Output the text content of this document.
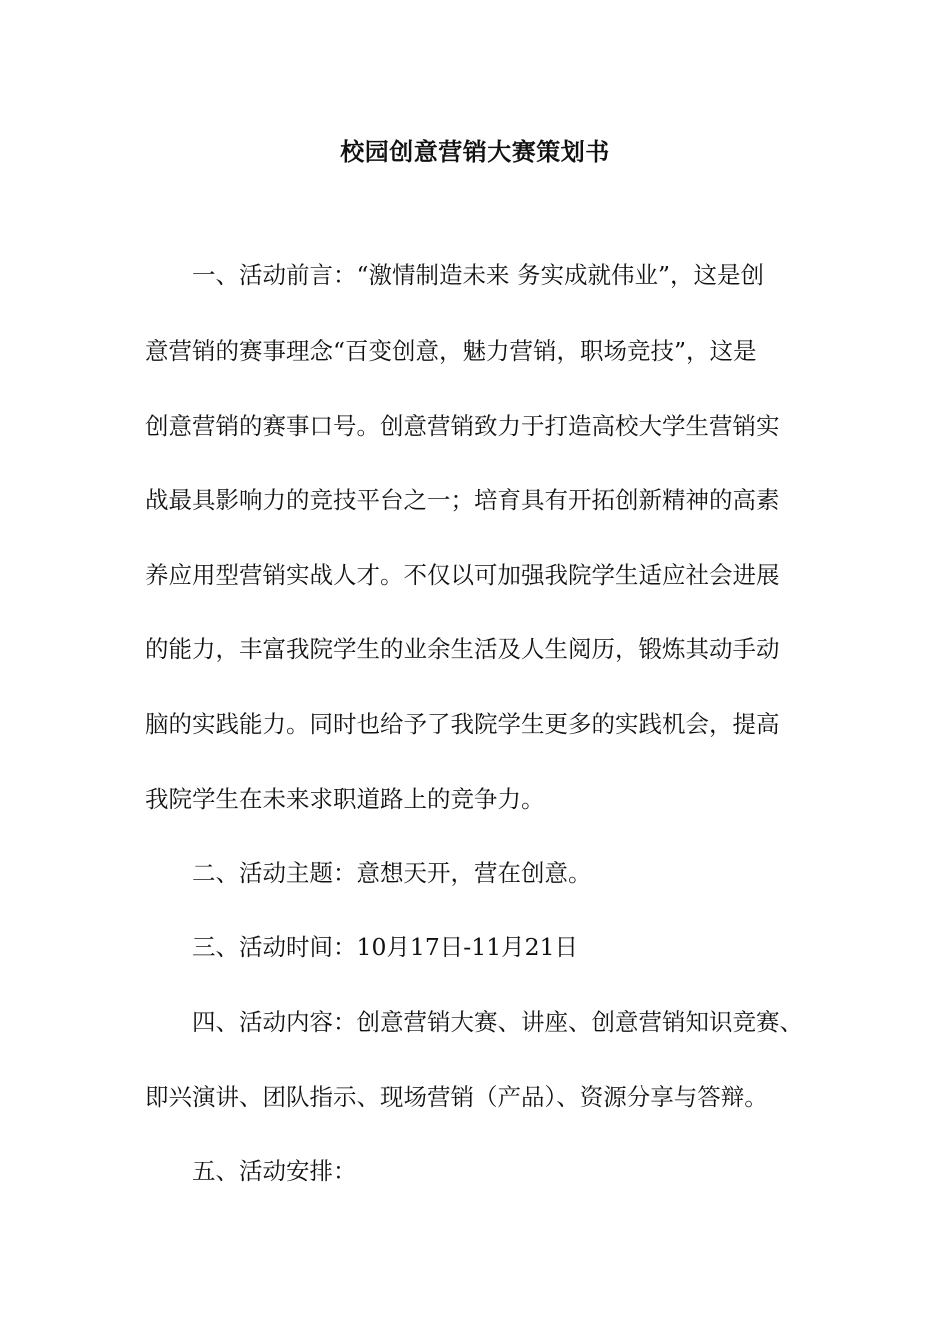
校园创意营销大赛策划书
一、活动前言：“激情制造未来 务实成就伟业”，这是创
意营销的赛事理念“百变创意，魅力营销，职场竞技”，这是
创意营销的赛事口号。创意营销致力于打造高校大学生营销实
战最具影响力的竞技平台之一；培育具有开拓创新精神的高素
养应用型营销实战人才。不仅以可加强我院学生适应社会进展
的能力，丰富我院学生的业余生活及人生阅历，锻炼其动手动
脑的实践能力。同时也给予了我院学生更多的实践机会，提高
我院学生在未来求职道路上的竞争力。
二、活动主题：意想天开，营在创意。
三、活动时间：10月17日-11月21日
四、活动内容：创意营销大赛、讲座、创意营销知识竞赛、
即兴演讲、团队指示、现场营销（产品）、资源分享与答辩。
五、活动安排：
